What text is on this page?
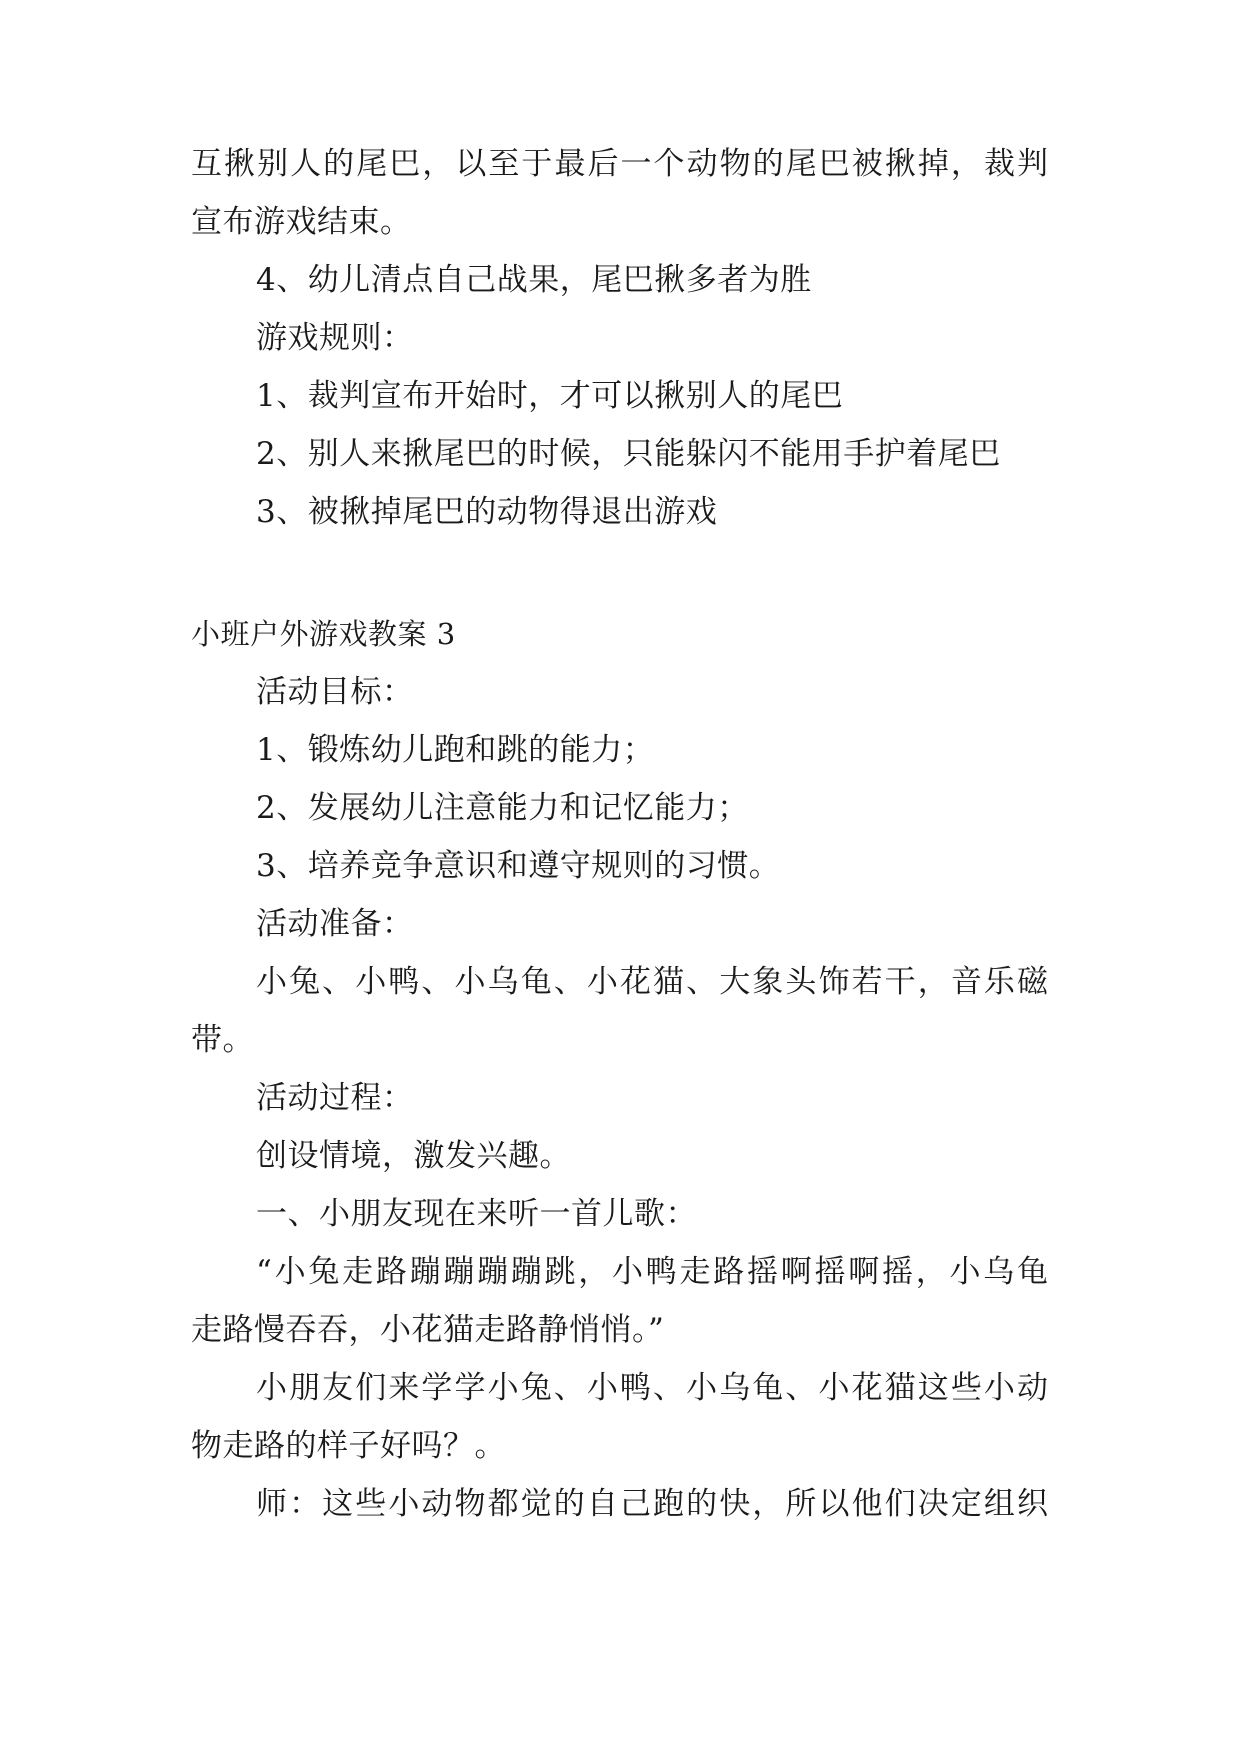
互揪别人的尾巴，以至于最后一个动物的尾巴被揪掉，裁判
宣布游戏结束。
4、幼儿清点自己战果，尾巴揪多者为胜
游戏规则：
1、裁判宣布开始时，才可以揪别人的尾巴
2、别人来揪尾巴的时候，只能躲闪不能用手护着尾巴
3、被揪掉尾巴的动物得退出游戏
小班户外游戏教案 3
活动目标：
1、锻炼幼儿跑和跳的能力；
2、发展幼儿注意能力和记忆能力；
3、培养竞争意识和遵守规则的习惯。
活动准备：
小兔、小鸭、小乌龟、小花猫、大象头饰若干，音乐磁
带。
活动过程：
创设情境，激发兴趣。
一、小朋友现在来听一首儿歌：
“小兔走路蹦蹦蹦蹦跳，小鸭走路摇啊摇啊摇，小乌龟
走路慢吞吞，小花猫走路静悄悄。”
小朋友们来学学小兔、小鸭、小乌龟、小花猫这些小动
物走路的样子好吗？。
师：这些小动物都觉的自己跑的快，所以他们决定组织
